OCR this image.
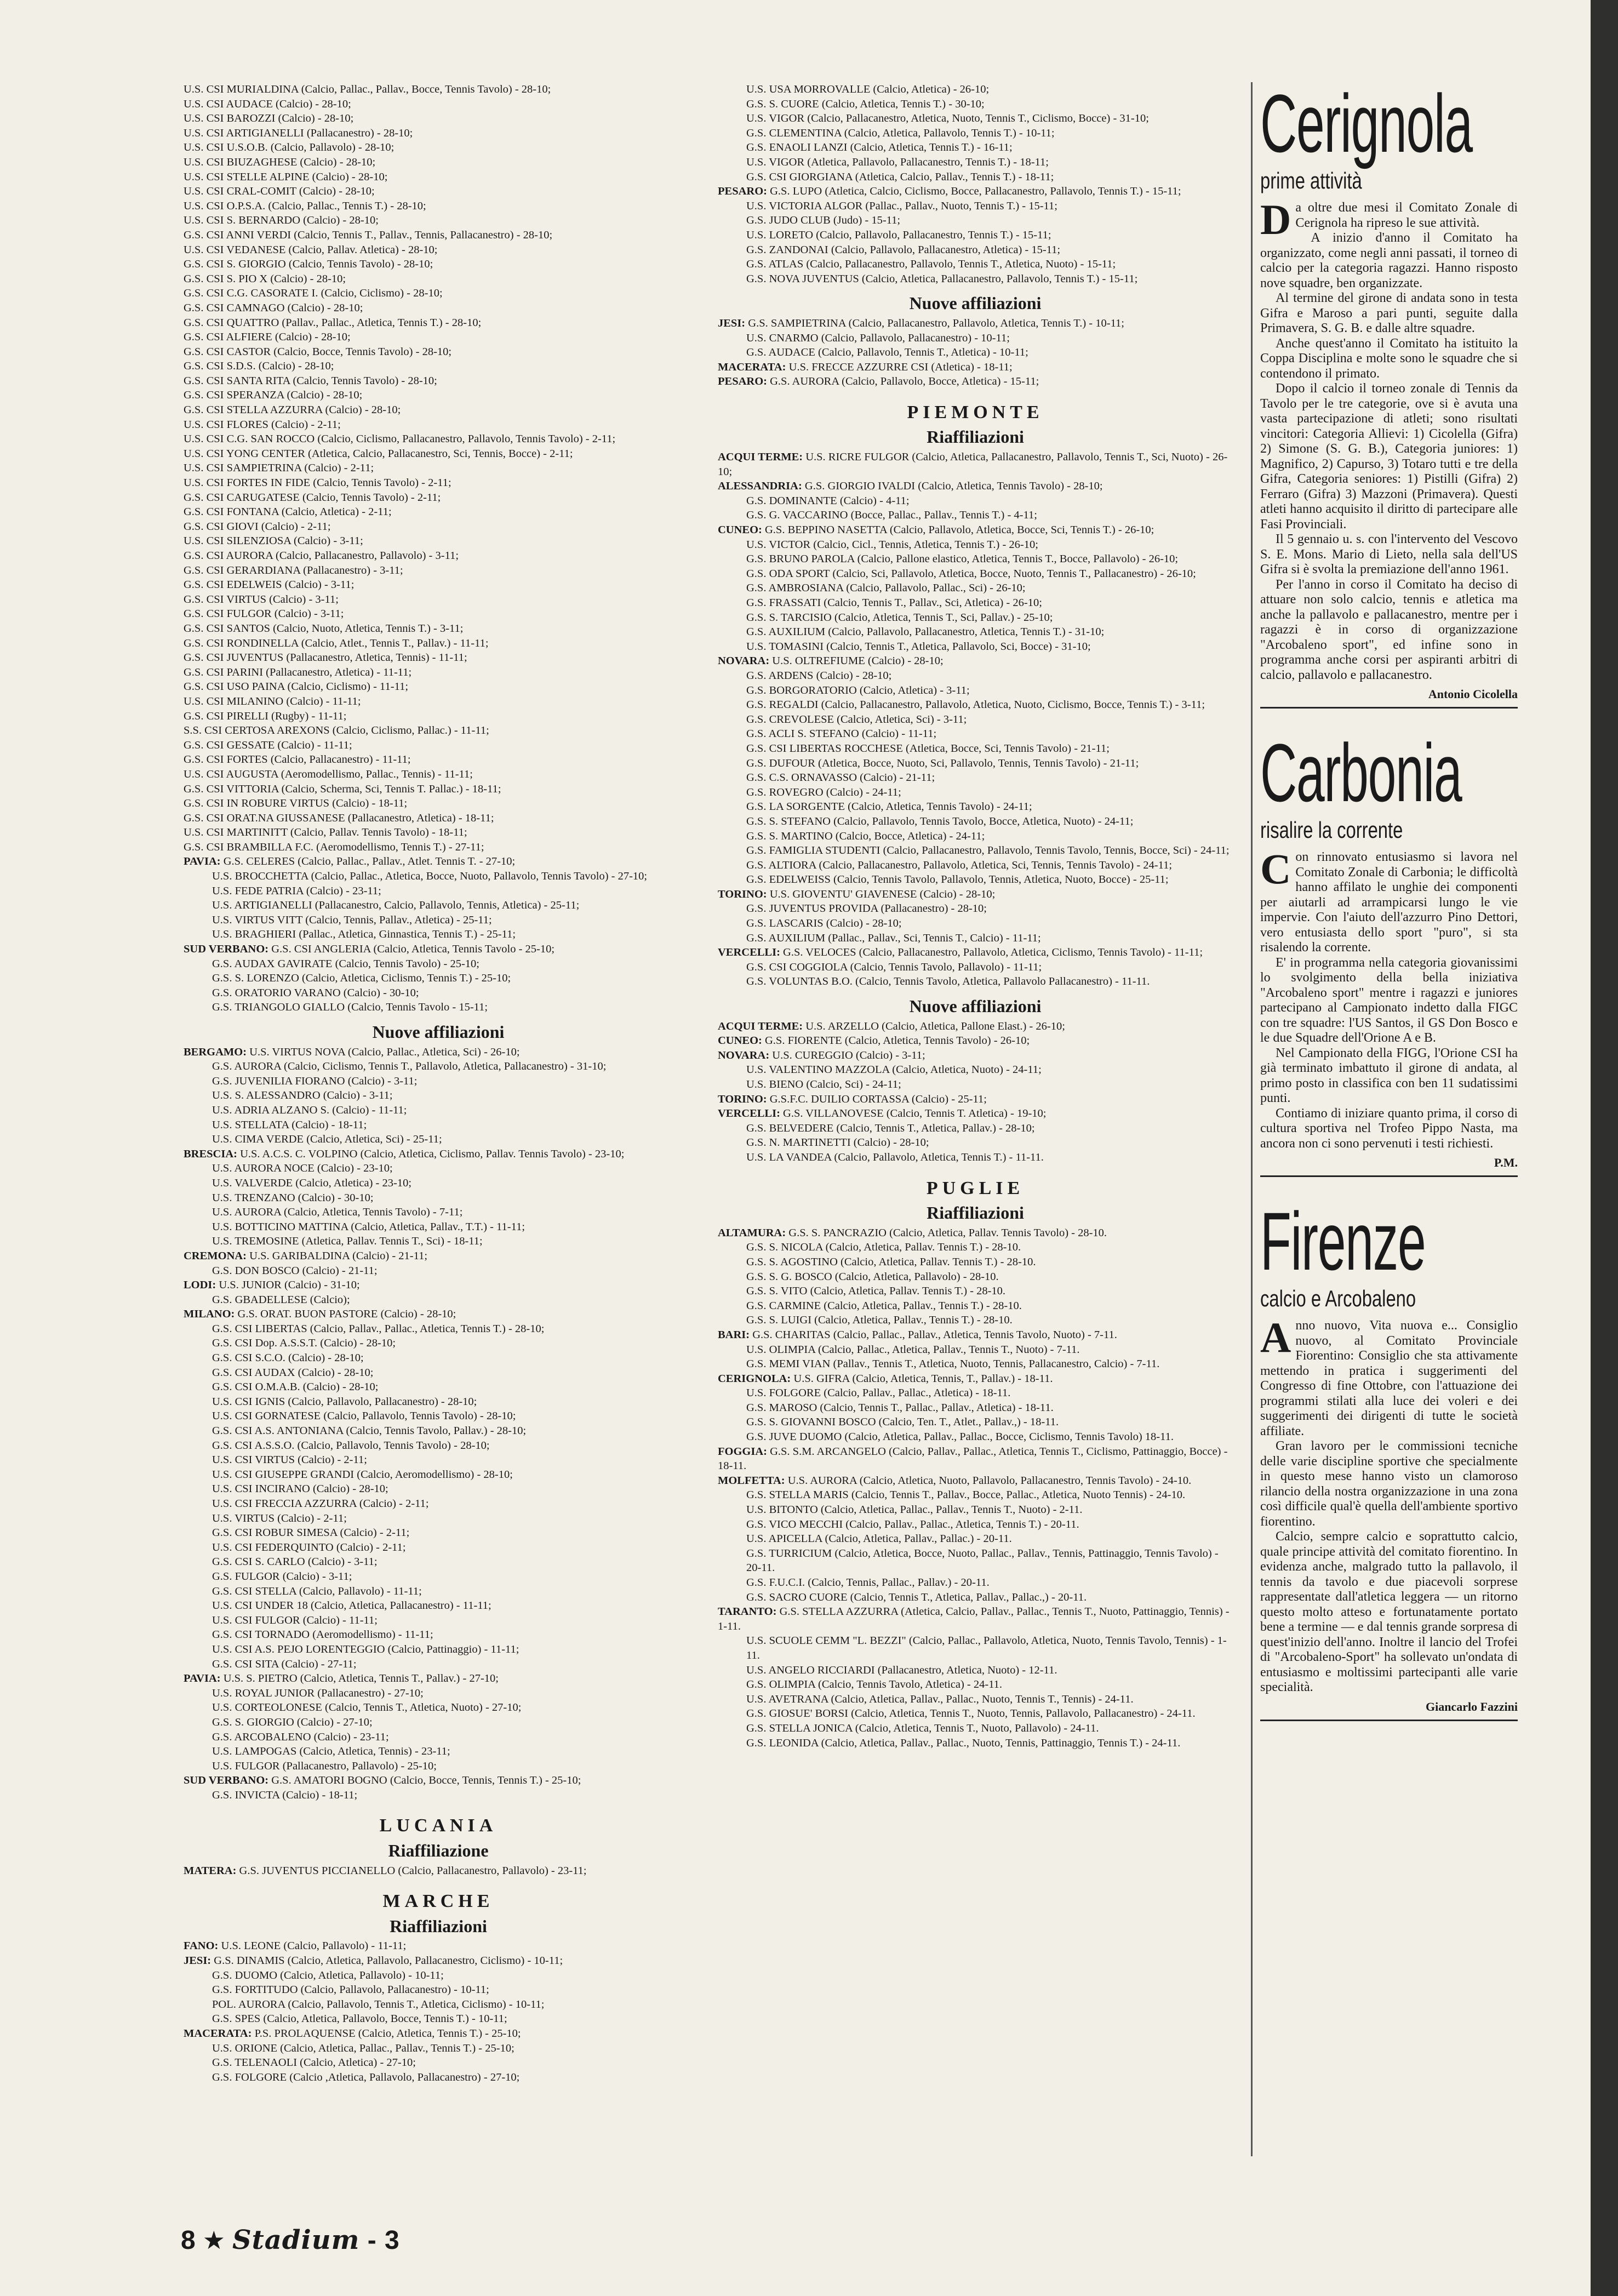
U.S. CSI MURIALDINA (Calcio, Pallac., Pallav., Bocce, Tennis Tavolo) - 28-10;
U.S. CSI AUDACE (Calcio) - 28-10;
U.S. CSI BAROZZI (Calcio) - 28-10;
U.S. CSI ARTIGIANELLI (Pallacanestro) - 28-10;
U.S. CSI U.S.O.B. (Calcio, Pallavolo) - 28-10;
U.S. CSI BIUZAGHESE (Calcio) - 28-10;
U.S. CSI STELLE ALPINE (Calcio) - 28-10;
U.S. CSI CRAL-COMIT (Calcio) - 28-10;
U.S. CSI O.P.S.A. (Calcio, Pallac., Tennis T.) - 28-10;
U.S. CSI S. BERNARDO (Calcio) - 28-10;
G.S. CSI ANNI VERDI (Calcio, Tennis T., Pallav., Tennis, Pallacanestro) - 28-10;
U.S. CSI VEDANESE (Calcio, Pallav. Atletica) - 28-10;
G.S. CSI S. GIORGIO (Calcio, Tennis Tavolo) - 28-10;
G.S. CSI S. PIO X (Calcio) - 28-10;
G.S. CSI C.G. CASORATE I. (Calcio, Ciclismo) - 28-10;
G.S. CSI CAMNAGO (Calcio) - 28-10;
G.S. CSI QUATTRO (Pallav., Pallac., Atletica, Tennis T.) - 28-10;
G.S. CSI ALFIERE (Calcio) - 28-10;
G.S. CSI CASTOR (Calcio, Bocce, Tennis Tavolo) - 28-10;
G.S. CSI S.D.S. (Calcio) - 28-10;
G.S. CSI SANTA RITA (Calcio, Tennis Tavolo) - 28-10;
G.S. CSI SPERANZA (Calcio) - 28-10;
G.S. CSI STELLA AZZURRA (Calcio) - 28-10;
U.S. CSI FLORES (Calcio) - 2-11;
U.S. CSI C.G. SAN ROCCO (Calcio, Ciclismo, Pallacanestro, Pallavolo, Tennis Tavolo) - 2-11;
U.S. CSI YONG CENTER (Atletica, Calcio, Pallacanestro, Sci, Tennis, Bocce) - 2-11;
U.S. CSI SAMPIETRINA (Calcio) - 2-11;
U.S. CSI FORTES IN FIDE (Calcio, Tennis Tavolo) - 2-11;
G.S. CSI CARUGATESE (Calcio, Tennis Tavolo) - 2-11;
G.S. CSI FONTANA (Calcio, Atletica) - 2-11;
G.S. CSI GIOVI (Calcio) - 2-11;
U.S. CSI SILENZIOSA (Calcio) - 3-11;
G.S. CSI AURORA (Calcio, Pallacanestro, Pallavolo) - 3-11;
G.S. CSI GERARDIANA (Pallacanestro) - 3-11;
G.S. CSI EDELWEIS (Calcio) - 3-11;
G.S. CSI VIRTUS (Calcio) - 3-11;
G.S. CSI FULGOR (Calcio) - 3-11;
G.S. CSI SANTOS (Calcio, Nuoto, Atletica, Tennis T.) - 3-11;
G.S. CSI RONDINELLA (Calcio, Atlet., Tennis T., Pallav.) - 11-11;
G.S. CSI JUVENTUS (Pallacanestro, Atletica, Tennis) - 11-11;
G.S. CSI PARINI (Pallacanestro, Atletica) - 11-11;
G.S. CSI USO PAINA (Calcio, Ciclismo) - 11-11;
U.S. CSI MILANINO (Calcio) - 11-11;
G.S. CSI PIRELLI (Rugby) - 11-11;
S.S. CSI CERTOSA AREXONS (Calcio, Ciclismo, Pallac.) - 11-11;
G.S. CSI GESSATE (Calcio) - 11-11;
G.S. CSI FORTES (Calcio, Pallacanestro) - 11-11;
U.S. CSI AUGUSTA (Aeromodellismo, Pallac., Tennis) - 11-11;
G.S. CSI VITTORIA (Calcio, Scherma, Sci, Tennis T. Pallac.) - 18-11;
G.S. CSI IN ROBURE VIRTUS (Calcio) - 18-11;
G.S. CSI ORAT.NA GIUSSANESE (Pallacanestro, Atletica) - 18-11;
U.S. CSI MARTINITT (Calcio, Pallav. Tennis Tavolo) - 18-11;
G.S. CSI BRAMBILLA F.C. (Aeromodellismo, Tennis T.) - 27-11;
PAVIA: G.S. CELERES (Calcio, Pallac., Pallav., Atlet. Tennis T. - 27-10;
U.S. BROCCHETTA (Calcio, Pallac., Atletica, Bocce, Nuoto, Pallavolo, Tennis Tavolo) - 27-10;
U.S. FEDE PATRIA (Calcio) - 23-11;
U.S. ARTIGIANELLI (Pallacanestro, Calcio, Pallavolo, Tennis, Atletica) - 25-11;
U.S. VIRTUS VITT (Calcio, Tennis, Pallav., Atletica) - 25-11;
U.S. BRAGHIERI (Pallac., Atletica, Ginnastica, Tennis T.) - 25-11;
SUD VERBANO: G.S. CSI ANGLERIA (Calcio, Atletica, Tennis Tavolo - 25-10;
G.S. AUDAX GAVIRATE (Calcio, Tennis Tavolo) - 25-10;
G.S. S. LORENZO (Calcio, Atletica, Ciclismo, Tennis T.) - 25-10;
G.S. ORATORIO VARANO (Calcio) - 30-10;
G.S. TRIANGOLO GIALLO (Calcio, Tennis Tavolo - 15-11;
Nuove affiliazioni
BERGAMO: U.S. VIRTUS NOVA (Calcio, Pallac., Atletica, Sci) - 26-10;
G.S. AURORA (Calcio, Ciclismo, Tennis T., Pallavolo, Atletica, Pallacanestro) - 31-10;
G.S. JUVENILIA FIORANO (Calcio) - 3-11;
U.S. S. ALESSANDRO (Calcio) - 3-11;
U.S. ADRIA ALZANO S. (Calcio) - 11-11;
U.S. STELLATA (Calcio) - 18-11;
U.S. CIMA VERDE (Calcio, Atletica, Sci) - 25-11;
BRESCIA: U.S. A.C.S. C. VOLPINO (Calcio, Atletica, Ciclismo, Pallav. Tennis Tavolo) - 23-10;
U.S. AURORA NOCE (Calcio) - 23-10;
U.S. VALVERDE (Calcio, Atletica) - 23-10;
U.S. TRENZANO (Calcio) - 30-10;
U.S. AURORA (Calcio, Atletica, Tennis Tavolo) - 7-11;
U.S. BOTTICINO MATTINA (Calcio, Atletica, Pallav., T.T.) - 11-11;
U.S. TREMOSINE (Atletica, Pallav. Tennis T., Sci) - 18-11;
CREMONA: U.S. GARIBALDINA (Calcio) - 21-11;
G.S. DON BOSCO (Calcio) - 21-11;
LODI: U.S. JUNIOR (Calcio) - 31-10;
G.S. GBADELLESE (Calcio);
MILANO: G.S. ORAT. BUON PASTORE (Calcio) - 28-10;
G.S. CSI LIBERTAS (Calcio, Pallav., Pallac., Atletica, Tennis T.) - 28-10;
G.S. CSI Dop. A.S.S.T. (Calcio) - 28-10;
G.S. CSI S.C.O. (Calcio) - 28-10;
G.S. CSI AUDAX (Calcio) - 28-10;
G.S. CSI O.M.A.B. (Calcio) - 28-10;
U.S. CSI IGNIS (Calcio, Pallavolo, Pallacanestro) - 28-10;
U.S. CSI GORNATESE (Calcio, Pallavolo, Tennis Tavolo) - 28-10;
G.S. CSI A.S. ANTONIANA (Calcio, Tennis Tavolo, Pallav.) - 28-10;
G.S. CSI A.S.S.O. (Calcio, Pallavolo, Tennis Tavolo) - 28-10;
U.S. CSI VIRTUS (Calcio) - 2-11;
U.S. CSI GIUSEPPE GRANDI (Calcio, Aeromodellismo) - 28-10;
U.S. CSI INCIRANO (Calcio) - 28-10;
U.S. CSI FRECCIA AZZURRA (Calcio) - 2-11;
U.S. VIRTUS (Calcio) - 2-11;
G.S. CSI ROBUR SIMESA (Calcio) - 2-11;
U.S. CSI FEDERQUINTO (Calcio) - 2-11;
G.S. CSI S. CARLO (Calcio) - 3-11;
G.S. FULGOR (Calcio) - 3-11;
G.S. CSI STELLA (Calcio, Pallavolo) - 11-11;
U.S. CSI UNDER 18 (Calcio, Atletica, Pallacanestro) - 11-11;
U.S. CSI FULGOR (Calcio) - 11-11;
G.S. CSI TORNADO (Aeromodellismo) - 11-11;
U.S. CSI A.S. PEJO LORENTEGGIO (Calcio, Pattinaggio) - 11-11;
G.S. CSI SITA (Calcio) - 27-11;
PAVIA: U.S. S. PIETRO (Calcio, Atletica, Tennis T., Pallav.) - 27-10;
U.S. ROYAL JUNIOR (Pallacanestro) - 27-10;
U.S. CORTEOLONESE (Calcio, Tennis T., Atletica, Nuoto) - 27-10;
G.S. S. GIORGIO (Calcio) - 27-10;
G.S. ARCOBALENO (Calcio) - 23-11;
U.S. LAMPOGAS (Calcio, Atletica, Tennis) - 23-11;
U.S. FULGOR (Pallacanestro, Pallavolo) - 25-10;
SUD VERBANO: G.S. AMATORI BOGNO (Calcio, Bocce, Tennis, Tennis T.) - 25-10;
G.S. INVICTA (Calcio) - 18-11;
LUCANIA
Riaffiliazione
MATERA: G.S. JUVENTUS PICCIANELLO (Calcio, Pallacanestro, Pallavolo) - 23-11;
MARCHE
Riaffiliazioni
FANO: U.S. LEONE (Calcio, Pallavolo) - 11-11;
JESI: G.S. DINAMIS (Calcio, Atletica, Pallavolo, Pallacanestro, Ciclismo) - 10-11;
G.S. DUOMO (Calcio, Atletica, Pallavolo) - 10-11;
G.S. FORTITUDO (Calcio, Pallavolo, Pallacanestro) - 10-11;
POL. AURORA (Calcio, Pallavolo, Tennis T., Atletica, Ciclismo) - 10-11;
G.S. SPES (Calcio, Atletica, Pallavolo, Bocce, Tennis T.) - 10-11;
MACERATA: P.S. PROLAQUENSE (Calcio, Atletica, Tennis T.) - 25-10;
U.S. ORIONE (Calcio, Atletica, Pallac., Pallav., Tennis T.) - 25-10;
G.S. TELENAOLI (Calcio, Atletica) - 27-10;
G.S. FOLGORE (Calcio ,Atletica, Pallavolo, Pallacanestro) - 27-10;
U.S. USA MORROVALLE (Calcio, Atletica) - 26-10;
G.S. S. CUORE (Calcio, Atletica, Tennis T.) - 30-10;
U.S. VIGOR (Calcio, Pallacanestro, Atletica, Nuoto, Tennis T., Ciclismo, Bocce) - 31-10;
G.S. CLEMENTINA (Calcio, Atletica, Pallavolo, Tennis T.) - 10-11;
G.S. ENAOLI LANZI (Calcio, Atletica, Tennis T.) - 16-11;
U.S. VIGOR (Atletica, Pallavolo, Pallacanestro, Tennis T.) - 18-11;
G.S. CSI GIORGIANA (Atletica, Calcio, Pallav., Tennis T.) - 18-11;
PESARO: G.S. LUPO (Atletica, Calcio, Ciclismo, Bocce, Pallacanestro, Pallavolo, Tennis T.) - 15-11;
U.S. VICTORIA ALGOR (Pallac., Pallav., Nuoto, Tennis T.) - 15-11;
G.S. JUDO CLUB (Judo) - 15-11;
U.S. LORETO (Calcio, Pallavolo, Pallacanestro, Tennis T.) - 15-11;
G.S. ZANDONAI (Calcio, Pallavolo, Pallacanestro, Atletica) - 15-11;
G.S. ATLAS (Calcio, Pallacanestro, Pallavolo, Tennis T., Atletica, Nuoto) - 15-11;
G.S. NOVA JUVENTUS (Calcio, Atletica, Pallacanestro, Pallavolo, Tennis T.) - 15-11;
Nuove affiliazioni
JESI: G.S. SAMPIETRINA (Calcio, Pallacanestro, Pallavolo, Atletica, Tennis T.) - 10-11;
U.S. CNARMO (Calcio, Pallavolo, Pallacanestro) - 10-11;
G.S. AUDACE (Calcio, Pallavolo, Tennis T., Atletica) - 10-11;
MACERATA: U.S. FRECCE AZZURRE CSI (Atletica) - 18-11;
PESARO: G.S. AURORA (Calcio, Pallavolo, Bocce, Atletica) - 15-11;
PIEMONTE
Riaffiliazioni
ACQUI TERME: U.S. RICRE FULGOR (Calcio, Atletica, Pallacanestro, Pallavolo, Tennis T., Sci, Nuoto) - 26-10;
ALESSANDRIA: G.S. GIORGIO IVALDI (Calcio, Atletica, Tennis Tavolo) - 28-10;
G.S. DOMINANTE (Calcio) - 4-11;
G.S. G. VACCARINO (Bocce, Pallac., Pallav., Tennis T.) - 4-11;
CUNEO: G.S. BEPPINO NASETTA (Calcio, Pallavolo, Atletica, Bocce, Sci, Tennis T.) - 26-10;
U.S. VICTOR (Calcio, Cicl., Tennis, Atletica, Tennis T.) - 26-10;
G.S. BRUNO PAROLA (Calcio, Pallone elastico, Atletica, Tennis T., Bocce, Pallavolo) - 26-10;
G.S. ODA SPORT (Calcio, Sci, Pallavolo, Atletica, Bocce, Nuoto, Tennis T., Pallacanestro) - 26-10;
G.S. AMBROSIANA (Calcio, Pallavolo, Pallac., Sci) - 26-10;
G.S. FRASSATI (Calcio, Tennis T., Pallav., Sci, Atletica) - 26-10;
G.S. S. TARCISIO (Calcio, Atletica, Tennis T., Sci, Pallav.) - 25-10;
G.S. AUXILIUM (Calcio, Pallavolo, Pallacanestro, Atletica, Tennis T.) - 31-10;
U.S. TOMASINI (Calcio, Tennis T., Atletica, Pallavolo, Sci, Bocce) - 31-10;
NOVARA: U.S. OLTREFIUME (Calcio) - 28-10;
G.S. ARDENS (Calcio) - 28-10;
G.S. BORGORATORIO (Calcio, Atletica) - 3-11;
G.S. REGALDI (Calcio, Pallacanestro, Pallavolo, Atletica, Nuoto, Ciclismo, Bocce, Tennis T.) - 3-11;
G.S. CREVOLESE (Calcio, Atletica, Sci) - 3-11;
G.S. ACLI S. STEFANO (Calcio) - 11-11;
G.S. CSI LIBERTAS ROCCHESE (Atletica, Bocce, Sci, Tennis Tavolo) - 21-11;
G.S. DUFOUR (Atletica, Bocce, Nuoto, Sci, Pallavolo, Tennis, Tennis Tavolo) - 21-11;
G.S. C.S. ORNAVASSO (Calcio) - 21-11;
G.S. ROVEGRO (Calcio) - 24-11;
G.S. LA SORGENTE (Calcio, Atletica, Tennis Tavolo) - 24-11;
G.S. S. STEFANO (Calcio, Pallavolo, Tennis Tavolo, Bocce, Atletica, Nuoto) - 24-11;
G.S. S. MARTINO (Calcio, Bocce, Atletica) - 24-11;
G.S. FAMIGLIA STUDENTI (Calcio, Pallacanestro, Pallavolo, Tennis Tavolo, Tennis, Bocce, Sci) - 24-11;
G.S. ALTIORA (Calcio, Pallacanestro, Pallavolo, Atletica, Sci, Tennis, Tennis Tavolo) - 24-11;
G.S. EDELWEISS (Calcio, Tennis Tavolo, Pallavolo, Tennis, Atletica, Nuoto, Bocce) - 25-11;
TORINO: U.S. GIOVENTU' GIAVENESE (Calcio) - 28-10;
G.S. JUVENTUS PROVIDA (Pallacanestro) - 28-10;
G.S. LASCARIS (Calcio) - 28-10;
G.S. AUXILIUM (Pallac., Pallav., Sci, Tennis T., Calcio) - 11-11;
VERCELLI: G.S. VELOCES (Calcio, Pallacanestro, Pallavolo, Atletica, Ciclismo, Tennis Tavolo) - 11-11;
G.S. CSI COGGIOLA (Calcio, Tennis Tavolo, Pallavolo) - 11-11;
G.S. VOLUNTAS B.O. (Calcio, Tennis Tavolo, Atletica, Pallavolo Pallacanestro) - 11-11.
Nuove affiliazioni
ACQUI TERME: U.S. ARZELLO (Calcio, Atletica, Pallone Elast.) - 26-10;
CUNEO: G.S. FIORENTE (Calcio, Atletica, Tennis Tavolo) - 26-10;
NOVARA: U.S. CUREGGIO (Calcio) - 3-11;
U.S. VALENTINO MAZZOLA (Calcio, Atletica, Nuoto) - 24-11;
U.S. BIENO (Calcio, Sci) - 24-11;
TORINO: G.S.F.C. DUILIO CORTASSA (Calcio) - 25-11;
VERCELLI: G.S. VILLANOVESE (Calcio, Tennis T. Atletica) - 19-10;
G.S. BELVEDERE (Calcio, Tennis T., Atletica, Pallav.) - 28-10;
G.S. N. MARTINETTI (Calcio) - 28-10;
U.S. LA VANDEA (Calcio, Pallavolo, Atletica, Tennis T.) - 11-11.
PUGLIE
Riaffiliazioni
ALTAMURA: G.S. S. PANCRAZIO (Calcio, Atletica, Pallav. Tennis Tavolo) - 28-10.
G.S. S. NICOLA (Calcio, Atletica, Pallav. Tennis T.) - 28-10.
G.S. S. AGOSTINO (Calcio, Atletica, Pallav. Tennis T.) - 28-10.
G.S. S. G. BOSCO (Calcio, Atletica, Pallavolo) - 28-10.
G.S. S. VITO (Calcio, Atletica, Pallav. Tennis T.) - 28-10.
G.S. CARMINE (Calcio, Atletica, Pallav., Tennis T.) - 28-10.
G.S. S. LUIGI (Calcio, Atletica, Pallav., Tennis T.) - 28-10.
BARI: G.S. CHARITAS (Calcio, Pallac., Pallav., Atletica, Tennis Tavolo, Nuoto) - 7-11.
U.S. OLIMPIA (Calcio, Pallac., Atletica, Pallav., Tennis T., Nuoto) - 7-11.
G.S. MEMI VIAN (Pallav., Tennis T., Atletica, Nuoto, Tennis, Pallacanestro, Calcio) - 7-11.
CERIGNOLA: U.S. GIFRA (Calcio, Atletica, Tennis, T., Pallav.) - 18-11.
U.S. FOLGORE (Calcio, Pallav., Pallac., Atletica) - 18-11.
G.S. MAROSO (Calcio, Tennis T., Pallac., Pallav., Atletica) - 18-11.
G.S. S. GIOVANNI BOSCO (Calcio, Ten. T., Atlet., Pallav.,) - 18-11.
G.S. JUVE DUOMO (Calcio, Atletica, Pallav., Pallac., Bocce, Ciclismo, Tennis Tavolo) 18-11.
FOGGIA: G.S. S.M. ARCANGELO (Calcio, Pallav., Pallac., Atletica, Tennis T., Ciclismo, Pattinaggio, Bocce) - 18-11.
MOLFETTA: U.S. AURORA (Calcio, Atletica, Nuoto, Pallavolo, Pallacanestro, Tennis Tavolo) - 24-10.
G.S. STELLA MARIS (Calcio, Tennis T., Pallav., Bocce, Pallac., Atletica, Nuoto Tennis) - 24-10.
U.S. BITONTO (Calcio, Atletica, Pallac., Pallav., Tennis T., Nuoto) - 2-11.
G.S. VICO MECCHI (Calcio, Pallav., Pallac., Atletica, Tennis T.) - 20-11.
U.S. APICELLA (Calcio, Atletica, Pallav., Pallac.) - 20-11.
G.S. TURRICIUM (Calcio, Atletica, Bocce, Nuoto, Pallac., Pallav., Tennis, Pattinaggio, Tennis Tavolo) - 20-11.
G.S. F.U.C.I. (Calcio, Tennis, Pallac., Pallav.) - 20-11.
G.S. SACRO CUORE (Calcio, Tennis T., Atletica, Pallav., Pallac.,) - 20-11.
TARANTO: G.S. STELLA AZZURRA (Atletica, Calcio, Pallav., Pallac., Tennis T., Nuoto, Pattinaggio, Tennis) - 1-11.
U.S. SCUOLE CEMM "L. BEZZI" (Calcio, Pallac., Pallavolo, Atletica, Nuoto, Tennis Tavolo, Tennis) - 1-11.
U.S. ANGELO RICCIARDI (Pallacanestro, Atletica, Nuoto) - 12-11.
G.S. OLIMPIA (Calcio, Tennis Tavolo, Atletica) - 24-11.
U.S. AVETRANA (Calcio, Atletica, Pallav., Pallac., Nuoto, Tennis T., Tennis) - 24-11.
G.S. GIOSUE' BORSI (Calcio, Atletica, Tennis T., Nuoto, Tennis, Pallavolo, Pallacanestro) - 24-11.
G.S. STELLA JONICA (Calcio, Atletica, Tennis T., Nuoto, Pallavolo) - 24-11.
G.S. LEONIDA (Calcio, Atletica, Pallav., Pallac., Nuoto, Tennis, Pattinaggio, Tennis T.) - 24-11.
Cerignola
prime attività

Da oltre due mesi il Comitato Zonale di Cerignola ha ripreso le sue attività.

A inizio d'anno il Comitato ha organizzato, come negli anni passati, il torneo di calcio per la categoria ragazzi. Hanno risposto nove squadre, ben organizzate.

Al termine del girone di andata sono in testa Gifra e Maroso a pari punti, seguite dalla Primavera, S. G. B. e dalle altre squadre.

Anche quest'anno il Comitato ha istituito la Coppa Disciplina e molte sono le squadre che si contendono il primato.

Dopo il calcio il torneo zonale di Tennis da Tavolo per le tre categorie, ove si è avuta una vasta partecipazione di atleti; sono risultati vincitori: Categoria Allievi: 1) Cicolella (Gifra) 2) Simone (S. G. B.), Categoria juniores: 1) Magnifico, 2) Capurso, 3) Totaro tutti e tre della Gifra, Categoria seniores: 1) Pistilli (Gifra) 2) Ferraro (Gifra) 3) Mazzoni (Primavera). Questi atleti hanno acquisito il diritto di partecipare alle Fasi Provinciali.

Il 5 gennaio u. s. con l'intervento del Vescovo S. E. Mons. Mario di Lieto, nella sala dell'US Gifra si è svolta la premiazione dell'anno 1961.

Per l'anno in corso il Comitato ha deciso di attuare non solo calcio, tennis e atletica ma anche la pallavolo e pallacanestro, mentre per i ragazzi è in corso di organizzazione "Arcobaleno sport", ed infine sono in programma anche corsi per aspiranti arbitri di calcio, pallavolo e pallacanestro.

Antonio Cicolella
Carbonia
risalire la corrente

Con rinnovato entusiasmo si lavora nel Comitato Zonale di Carbonia; le difficoltà hanno affilato le unghie dei componenti per aiutarli ad arrampicarsi lungo le vie impervie. Con l'aiuto dell'azzurro Pino Dettori, vero entusiasta dello sport "puro", si sta risalendo la corrente.

E' in programma nella categoria giovanissimi lo svolgimento della bella iniziativa "Arcobaleno sport" mentre i ragazzi e juniores partecipano al Campionato indetto dalla FIGC con tre squadre: l'US Santos, il GS Don Bosco e le due Squadre dell'Orione A e B.

Nel Campionato della FIGG, l'Orione CSI ha già terminato imbattuto il girone di andata, al primo posto in classifica con ben 11 sudatissimi punti.

Contiamo di iniziare quanto prima, il corso di cultura sportiva nel Trofeo Pippo Nasta, ma ancora non ci sono pervenuti i testi richiesti.

P.M.
Firenze
calcio e Arcobaleno

Anno nuovo, Vita nuova e... Consiglio nuovo, al Comitato Provinciale Fiorentino: Consiglio che sta attivamente mettendo in pratica i suggerimenti del Congresso di fine Ottobre, con l'attuazione dei programmi stilati alla luce dei voleri e dei suggerimenti dei dirigenti di tutte le società affiliate.

Gran lavoro per le commissioni tecniche delle varie discipline sportive che specialmente in questo mese hanno visto un clamoroso rilancio della nostra organizzazione in una zona così difficile qual'è quella dell'ambiente sportivo fiorentino.

Calcio, sempre calcio e soprattutto calcio, quale principe attività del comitato fiorentino. In evidenza anche, malgrado tutto la pallavolo, il tennis da tavolo e due piacevoli sorprese rappresentate dall'atletica leggera — un ritorno questo molto atteso e fortunatamente portato bene a termine — e dal tennis grande sorpresa di quest'inizio dell'anno. Inoltre il lancio del Trofei di "Arcobaleno-Sport" ha sollevato un'ondata di entusiasmo e moltissimi partecipanti alle varie specialità.

Giancarlo Fazzini
8 ★ Stadium - 3
